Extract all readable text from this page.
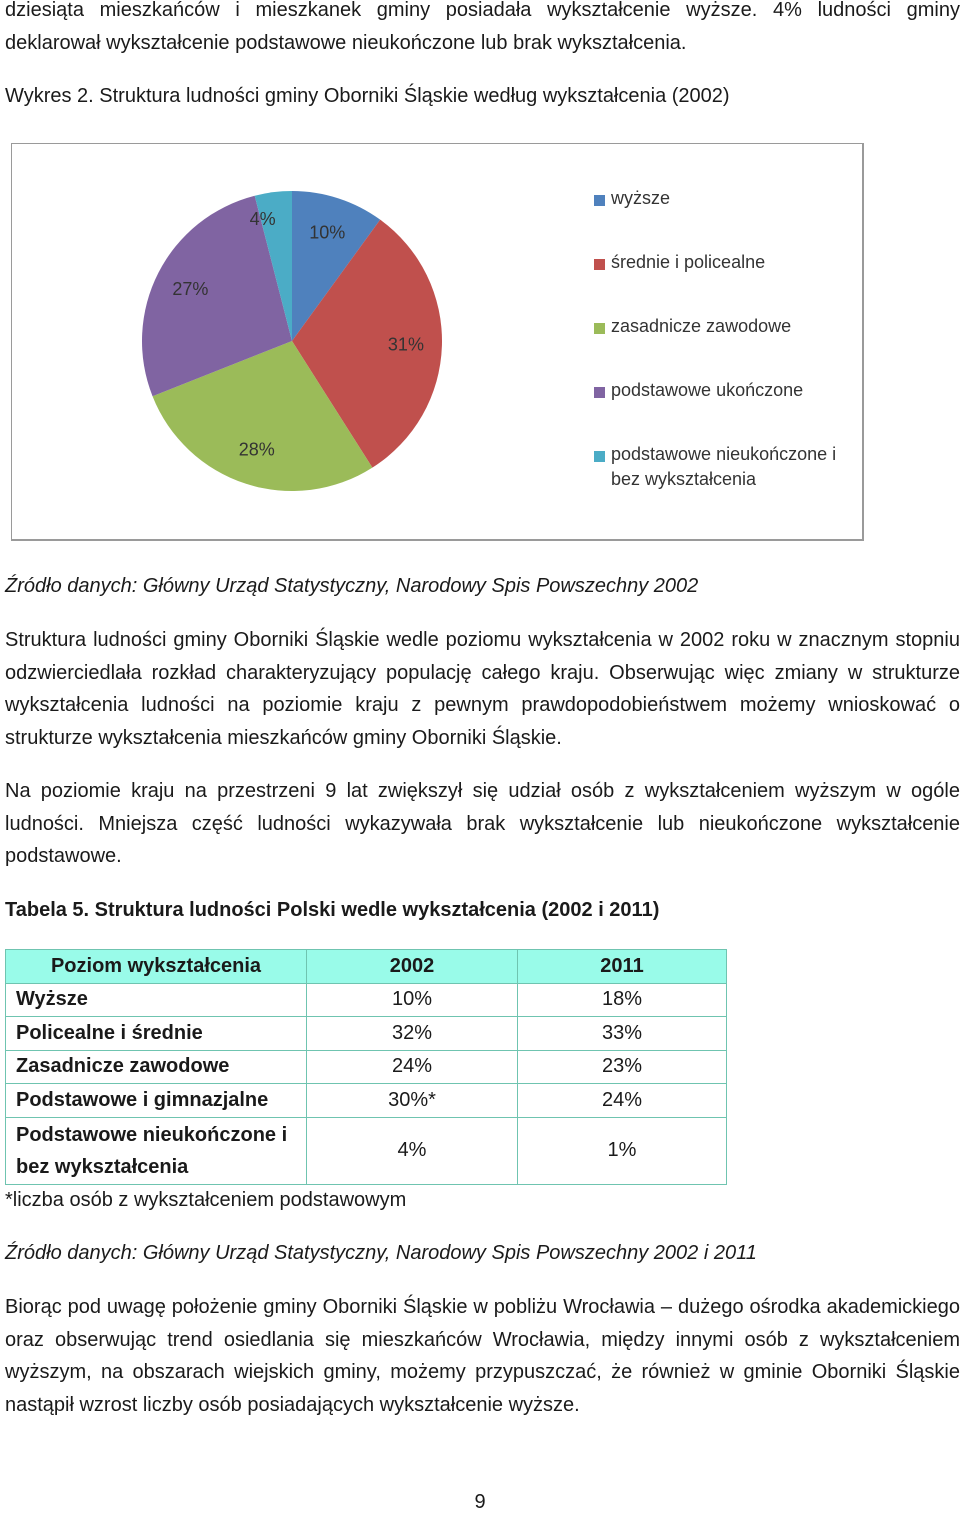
dziesiąta mieszkańców i mieszkanek gminy posiadała wykształcenie wyższe. 4% ludności gminy

deklarował wykształcenie podstawowe nieukończone lub brak wykształcenia.

Wykres 2. Struktura ludności gminy Oborniki Śląskie według wykształcenia (2002)

10%
31%
28%
27%
4%
wyższe
średnie i policealne
zasadnicze zawodowe
podstawowe ukończone
podstawowe nieukończone i
bez wykształcenia

Źródło danych: Główny Urząd Statystyczny, Narodowy Spis Powszechny 2002

Struktura ludności gminy Oborniki Śląskie wedle poziomu wykształcenia w 2002 roku w znacznym stopniu odzwierciedlała rozkład charakteryzujący populację całego kraju. Obserwując więc zmiany w strukturze wykształcenia ludności na poziomie kraju z pewnym prawdopodobieństwem możemy wnioskować o strukturze wykształcenia mieszkańców gminy Oborniki Śląskie.

Na poziomie kraju na przestrzeni 9 lat zwiększył się udział osób z wykształceniem wyższym w ogóle ludności. Mniejsza część ludności wykazywała brak wykształcenie lub nieukończone wykształcenie podstawowe.

Tabela 5. Struktura ludności Polski wedle wykształcenia (2002 i 2011)

Poziom wykształcenia	2002	2011
Wyższe	10%	18%
Policealne i średnie	32%	33%
Zasadnicze zawodowe	24%	23%
Podstawowe i gimnazjalne	30%*	24%
Podstawowe nieukończone i
bez wykształcenia	4%	1%

*liczba osób z wykształceniem podstawowym

Źródło danych: Główny Urząd Statystyczny, Narodowy Spis Powszechny 2002 i 2011

Biorąc pod uwagę położenie gminy Oborniki Śląskie w pobliżu Wrocławia – dużego ośrodka akademickiego oraz obserwując trend osiedlania się mieszkańców Wrocławia, między innymi osób z wykształceniem wyższym, na obszarach wiejskich gminy, możemy przypuszczać, że również w gminie Oborniki Śląskie nastąpił wzrost liczby osób posiadających wykształcenie wyższe.

9
